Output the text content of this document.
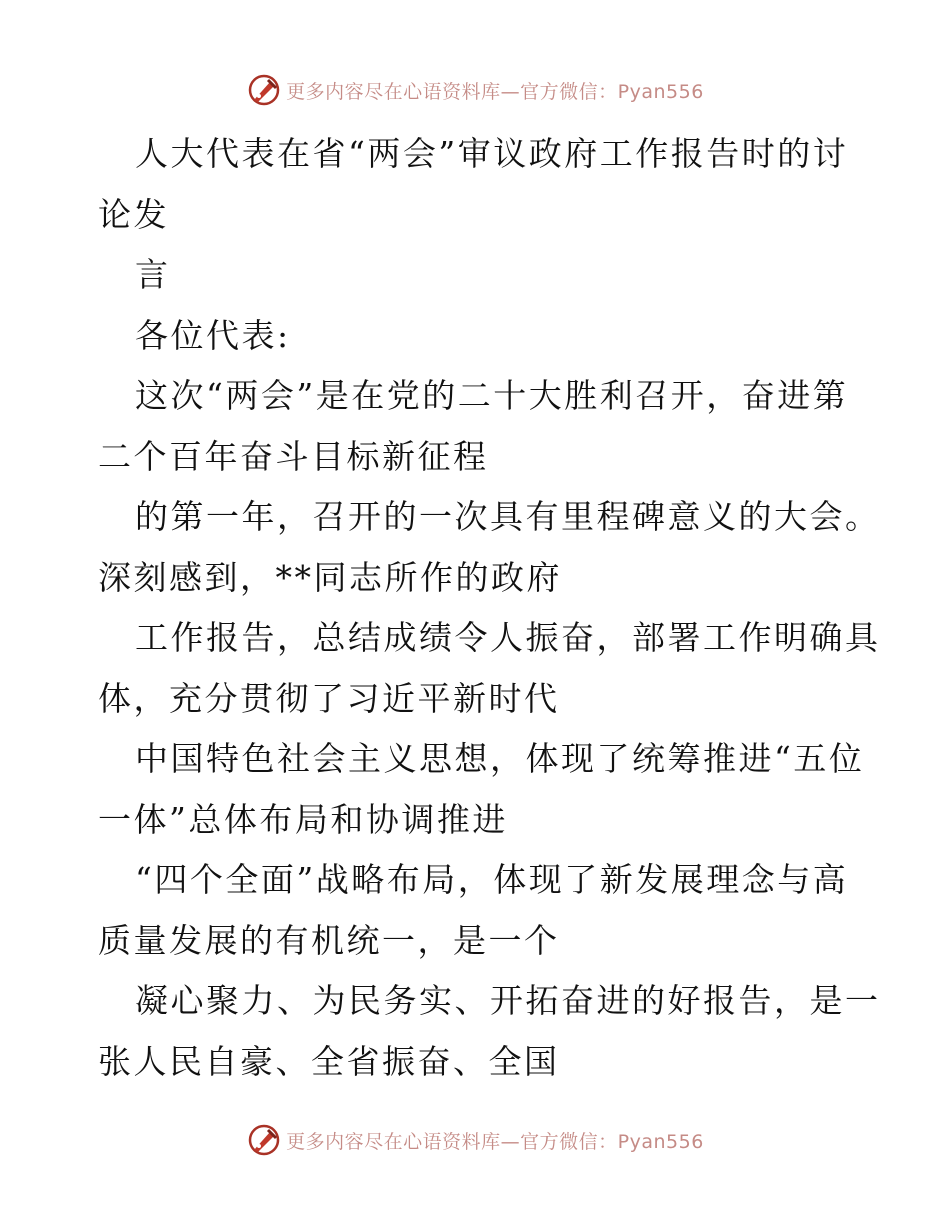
更多内容尽在心语资料库—官方微信：Pyan556
人大代表在省“两会”审议政府工作报告时的讨
论发
言
各位代表:
这次“两会”是在党的二十大胜利召开，奋进第
二个百年奋斗目标新征程
的第一年，召开的一次具有里程碑意义的大会。
深刻感到，**同志所作的政府
工作报告，总结成绩令人振奋，部署工作明确具
体，充分贯彻了习近平新时代
中国特色社会主义思想，体现了统筹推进“五位
一体”总体布局和协调推进
“四个全面”战略布局，体现了新发展理念与高
质量发展的有机统一，是一个
凝心聚力、为民务实、开拓奋进的好报告，是一
张人民自豪、全省振奋、全国
更多内容尽在心语资料库—官方微信：Pyan556
